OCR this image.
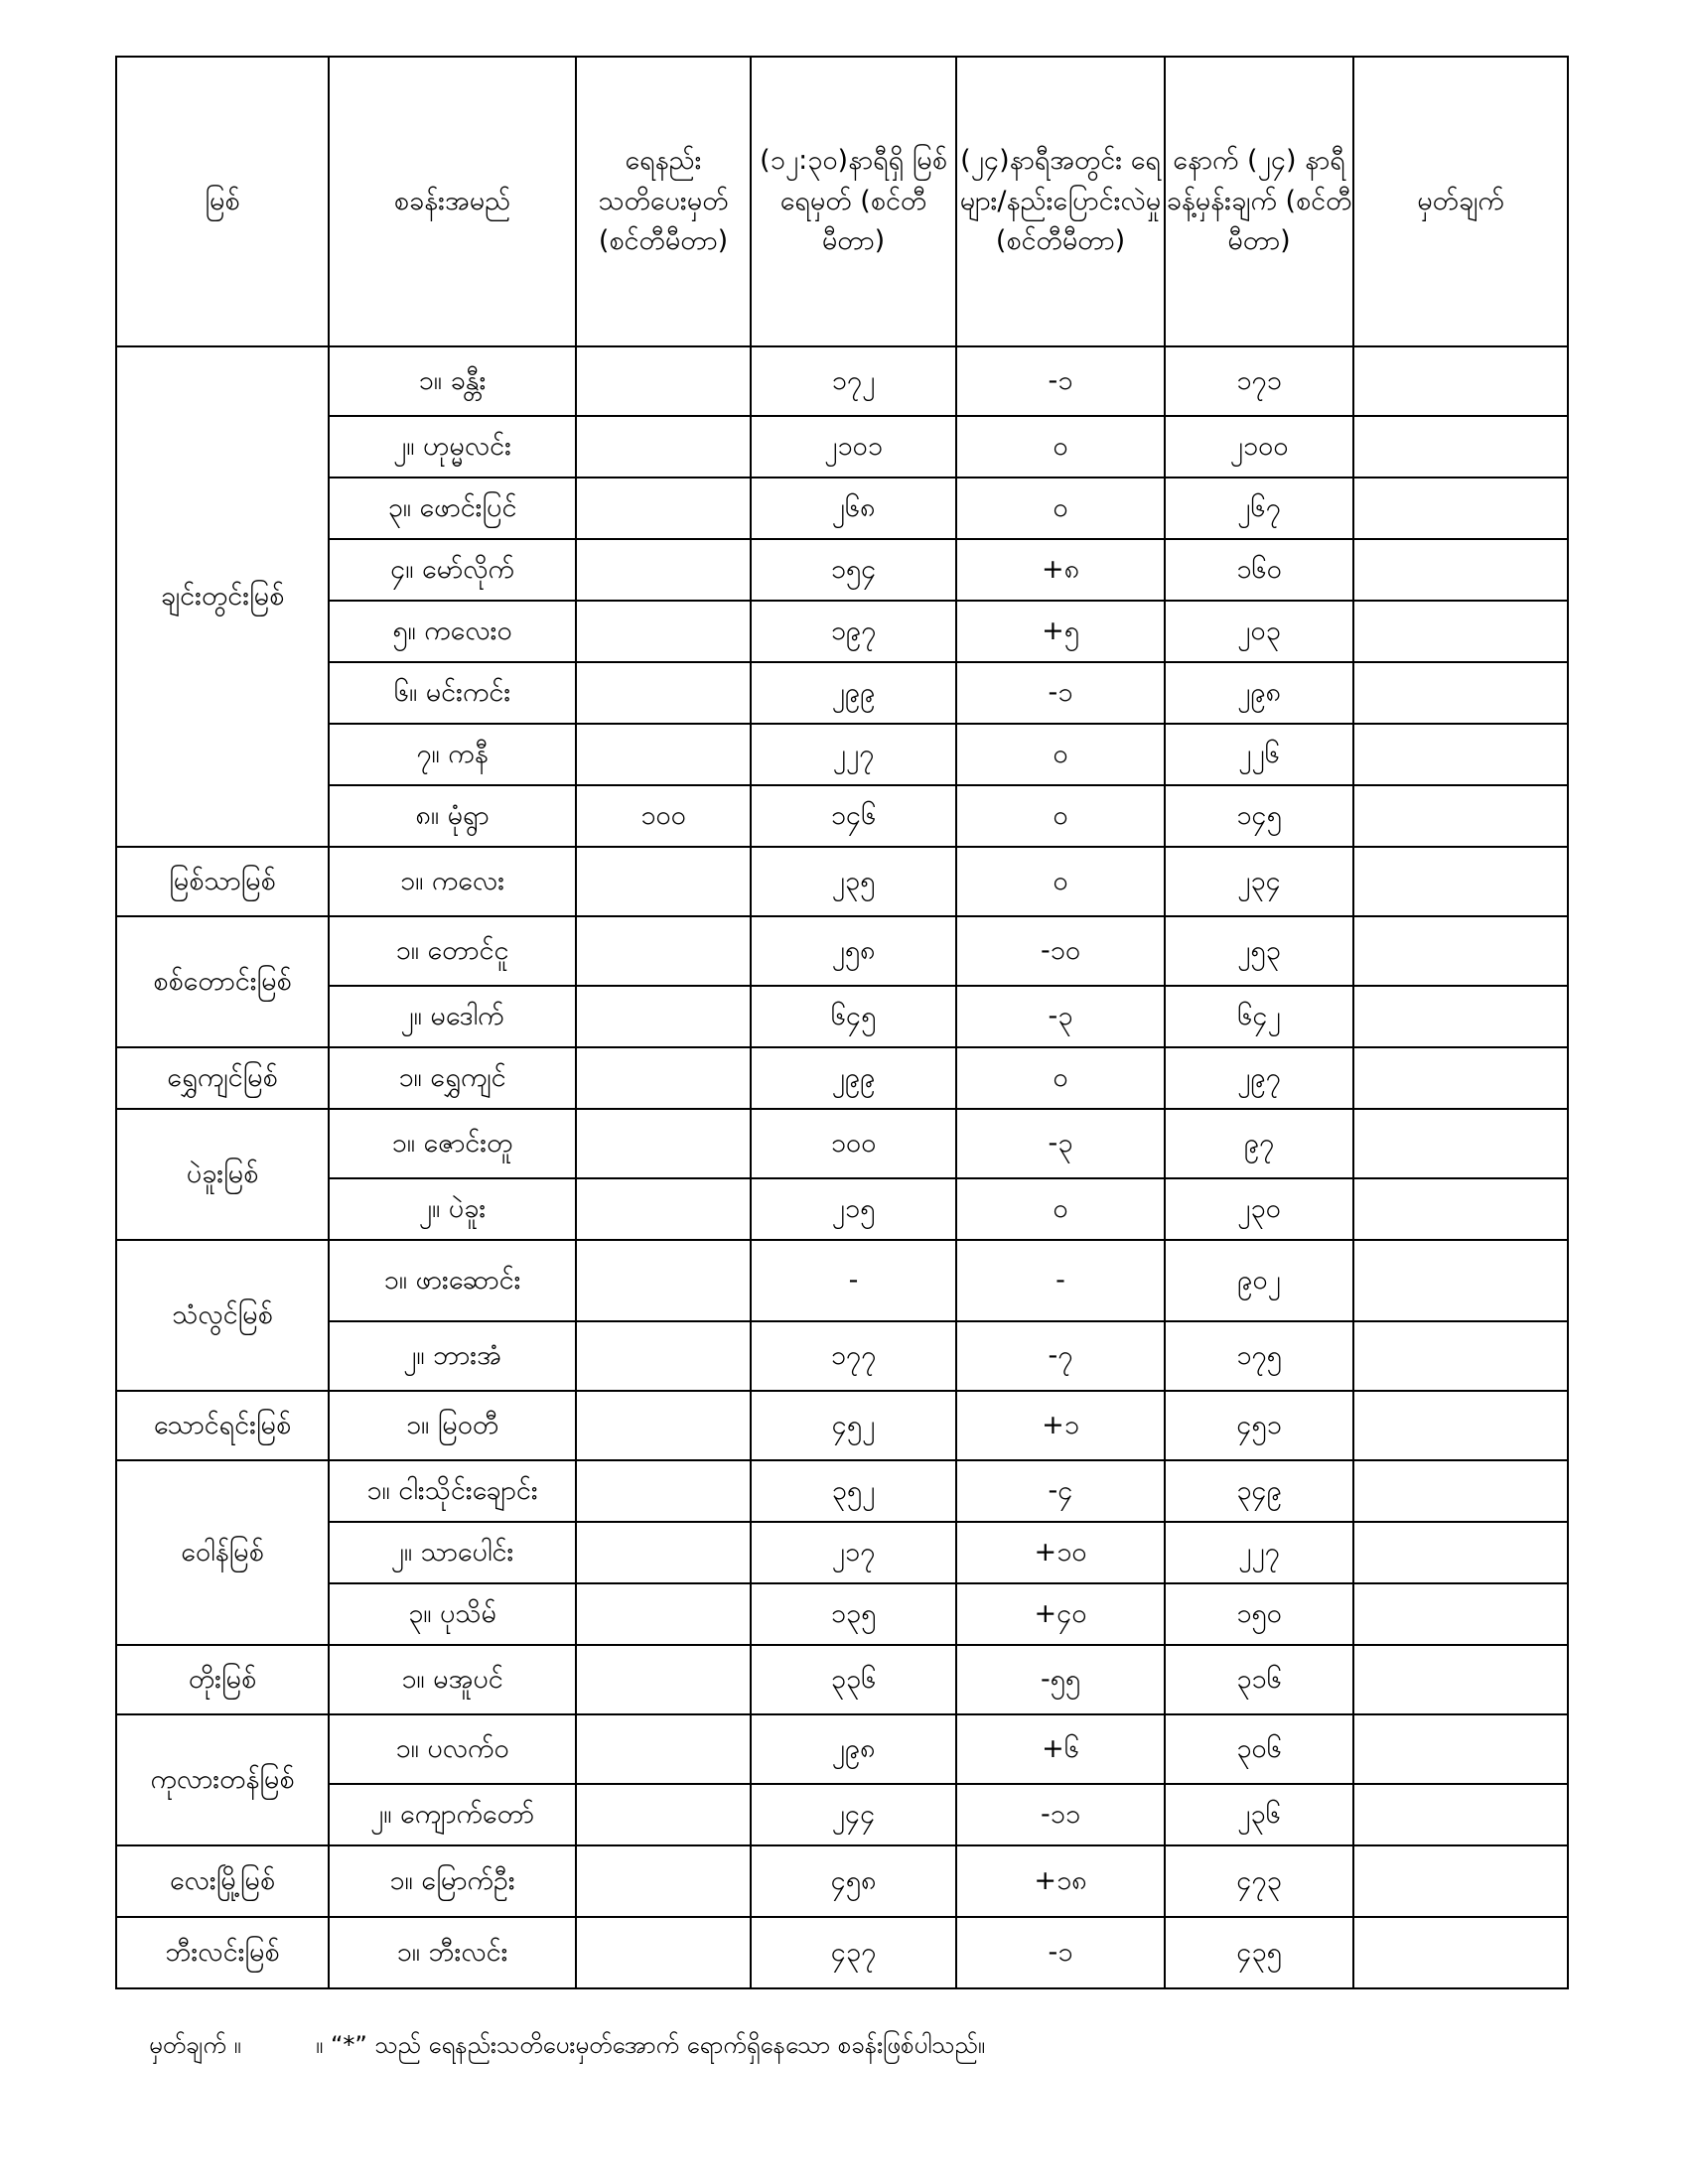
မြစ်	စခန်းအမည်	ရေနည်း သတိပေးမှတ် (စင်တီမီတာ)	(၁၂:၃၀)နာရီရှိ မြစ်ရေမှတ် (စင်တီမီတာ)	(၂၄)နာရီအတွင်း ရေများ/နည်းပြောင်းလဲမှု (စင်တီမီတာ)	နောက် (၂၄) နာရီ ခန့်မှန်းချက် (စင်တီမီတာ)	မှတ်ချက်
ချင်းတွင်းမြစ်	၁။ ခန္တီး		၁၇၂	-၁	၁၇၁	
	၂။ ဟုမ္မလင်း		၂၁၀၁	၀	၂၁၀၀	
	၃။ ဖောင်းပြင်		၂၆၈	၀	၂၆၇	
	၄။ မော်လိုက်		၁၅၄	+၈	၁၆၀	
	၅။ ကလေးဝ		၁၉၇	+၅	၂၀၃	
	၆။ မင်းကင်း		၂၉၉	-၁	၂၉၈	
	၇။ ကနီ		၂၂၇	၀	၂၂၆	
	၈။ မုံရွာ	၁၀၀	၁၄၆	၀	၁၄၅	
မြစ်သာမြစ်	၁။ ကလေး		၂၃၅	၀	၂၃၄	
စစ်တောင်းမြစ်	၁။ တောင်ငူ		၂၅၈	-၁၀	၂၅၃	
	၂။ မဒေါက်		၆၄၅	-၃	၆၄၂	
ရွှေကျင်မြစ်	၁။ ရွှေကျင်		၂၉၉	၀	၂၉၇	
ပဲခူးမြစ်	၁။ ဇောင်းတူ		၁၀၀	-၃	၉၇	
	၂။ ပဲခူး		၂၁၅	၀	၂၃၀	
သံလွင်မြစ်	၁။ ဖားဆောင်း		-	-	၉၀၂	
	၂။ ဘားအံ		၁၇၇	-၇	၁၇၅	
သောင်ရင်းမြစ်	၁။ မြဝတီ		၄၅၂	+၁	၄၅၁	
ဝေါန်မြစ်	၁။ ငါးသိုင်းချောင်း		၃၅၂	-၄	၃၄၉	
	၂။ သာပေါင်း		၂၁၇	+၁၀	၂၂၇	
	၃။ ပုသိမ်		၁၃၅	+၄၀	၁၅၀	
တိုးမြစ်	၁။ မအူပင်		၃၃၆	-၅၅	၃၁၆	
ကုလားတန်မြစ်	၁။ ပလက်ဝ		၂၉၈	+၆	၃၀၆	
	၂။ ကျောက်တော်		၂၄၄	-၁၁	၂၃၆	
လေးမြို့မြစ်	၁။ မြောက်ဦး		၄၅၈	+၁၈	၄၇၃	
ဘီးလင်းမြစ်	၁။ ဘီးလင်း		၄၃၇	-၁	၄၃၅	
မှတ်ချက် ။	။ “*” သည် ရေနည်းသတိပေးမှတ်အောက် ရောက်ရှိနေသော စခန်းဖြစ်ပါသည်။
